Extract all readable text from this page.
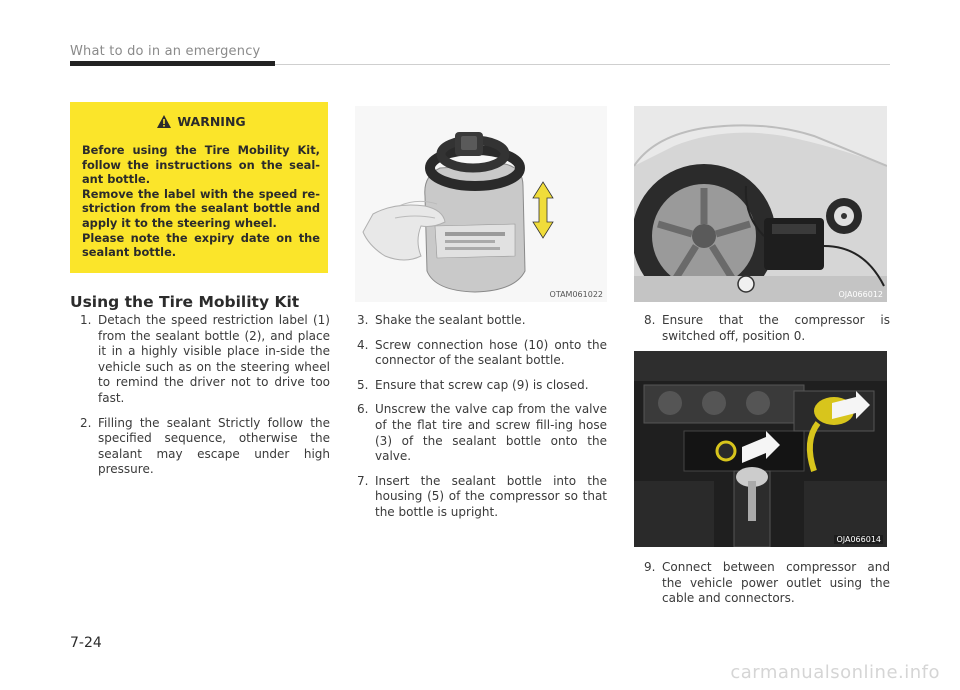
What to do in an emergency
WARNING

Before using the Tire Mobility Kit, follow the instructions on the seal-ant bottle.

Remove the label with the speed re-striction from the sealant bottle and apply it to the steering wheel.

Please note the expiry date on the sealant bottle.

Using the Tire Mobility Kit
1. Detach the speed restriction label (1) from the sealant bottle (2), and place it in a highly visible place in-side the vehicle such as on the steering wheel to remind the driver not to drive too fast.
2. Filling the sealant Strictly follow the specified sequence, otherwise the sealant may escape under high pressure.
OTAM061022
3. Shake the sealant bottle.
4. Screw connection hose (10) onto the connector of the sealant bottle.
5. Ensure that screw cap (9) is closed.
6. Unscrew the valve cap from the valve of the flat tire and screw fill-ing hose (3) of the sealant bottle onto the valve.
7. Insert the sealant bottle into the housing (5) of the compressor so that the bottle is upright.
OJA066012
8. Ensure that the compressor is switched off, position 0.
OJA066014
9. Connect between compressor and the vehicle power outlet using the cable and connectors.
7-24
carmanualsonline.info
